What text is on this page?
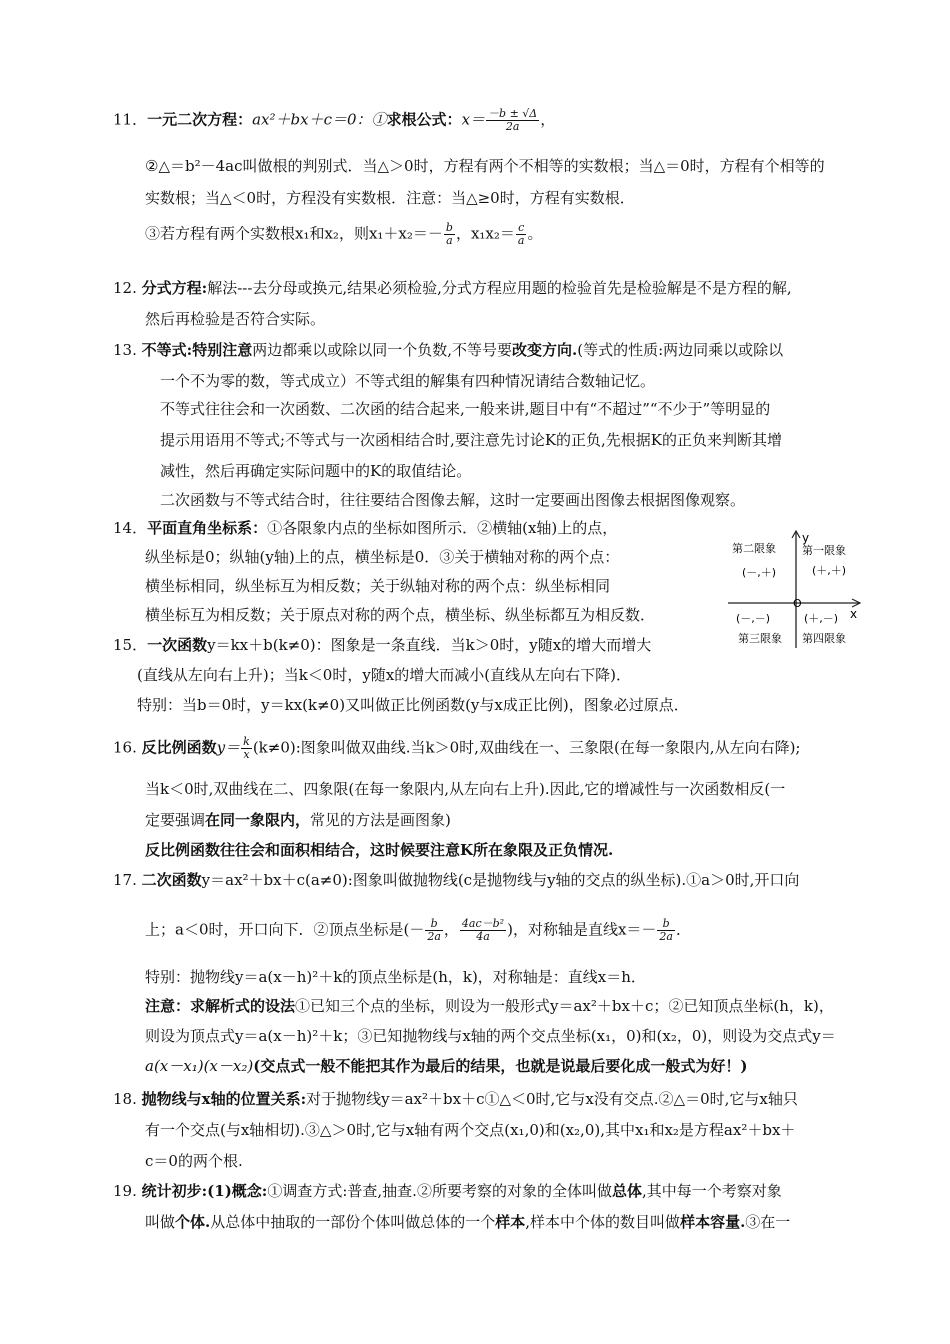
11．一元二次方程：ax²＋bx＋c＝0：①求根公式：$x= \frac{-b \pm √\Delta}{2a}$ ，
②△＝b²－4ac叫做根的判别式．当△＞0时，方程有两个不相等的实数根；当△＝0时，方程有个相等的
实数根；当△＜0时，方程没有实数根．注意：当△≥0时，方程有实数根．
③若方程有两个实数根x₁和x₂，则$x_1+x_2=- \frac{b}{a}$ ，$x_1x_2= \frac{c}{a}$ 。
12. 分式方程:解法---去分母或换元,结果必须检验,分式方程应用题的检验首先是检验解是不是方程的解,
然后再检验是否符合实际。
13. 不等式:特别注意两边都乘以或除以同一个负数,不等号要改变方向.(等式的性质:两边同乘以或除以
一个不为零的数，等式成立）不等式组的解集有四种情况请结合数轴记忆。
不等式往往会和一次函数、二次函的结合起来,一般来讲,题目中有“不超过”“不少于”等明显的
提示用语用不等式;不等式与一次函相结合时,要注意先讨论K的正负,先根据K的正负来判断其增
减性，然后再确定实际问题中的K的取值结论。
二次函数与不等式结合时，往往要结合图像去解，这时一定要画出图像去根据图像观察。
14．平面直角坐标系：①各限象内点的坐标如图所示．②横轴(x轴)上的点，
纵坐标是0；纵轴(y轴)上的点，横坐标是0．③关于横轴对称的两个点：
横坐标相同，纵坐标互为相反数；关于纵轴对称的两个点：纵坐标相同
横坐标互为相反数；关于原点对称的两个点，横坐标、纵坐标都互为相反数．
y
x
O
第二限象 第一限象
(－,＋)	(＋,＋)
(－,－)	(＋,－)
第三限象 第四限象
15．一次函数y＝kx＋b(k≠0)：图象是一条直线．当k＞0时，y随x的增大而增大
(直线从左向右上升)；当k＜0时，y随x的增大而减小(直线从左向右下降)．
特别：当b＝0时，y＝kx(k≠0)又叫做正比例函数(y与x成正比例)，图象必过原点．
16. 反比例函数$y= \frac{k}{x} (k\ne 0)$:图象叫做双曲线.当k＞0时,双曲线在一、三象限(在每一象限内,从左向右降);
当k＜0时,双曲线在二、四象限(在每一象限内,从左向右上升).因此,它的增减性与一次函数相反(一
定要强调在同一象限内，常见的方法是画图象)
反比例函数往往会和面积相结合，这时候要注意K所在象限及正负情况.
17. 二次函数y＝ax²＋bx＋c(a≠0):图象叫做抛物线(c是抛物线与y轴的交点的纵坐标).①a＞0时,开口向
上；a＜0时，开口向下．②顶点坐标是(－ $\frac{b}{2a}$ ， $\frac{\text{4ac－b²}}{4a}$ )，对称轴是直线$x=- \frac{b}{2a}$ ．
特别：抛物线y＝a(x－h)²＋k的顶点坐标是(h，k)，对称轴是：直线x＝h．
注意：求解析式的设法①已知三个点的坐标，则设为一般形式y＝ax²＋bx＋c；②已知顶点坐标(h，k)，
则设为顶点式y＝a(x－h)²＋k；③已知抛物线与x轴的两个交点坐标(x₁，0)和(x₂，0)，则设为交点式y＝
a(x－x₁)(x－x₂)(交点式一般不能把其作为最后的结果，也就是说最后要化成一般式为好！)
18. 抛物线与x轴的位置关系:对于抛物线y＝ax²＋bx＋c①△＜0时,它与x没有交点.②△＝0时,它与x轴只
有一个交点(与x轴相切).③△＞0时,它与x轴有两个交点(x₁,0)和(x₂,0),其中x₁和x₂是方程ax²＋bx＋
c＝0的两个根.
19. 统计初步:(1)概念:①调查方式:普查,抽查.②所要考察的对象的全体叫做总体,其中每一个考察对象
叫做个体.从总体中抽取的一部份个体叫做总体的一个样本,样本中个体的数目叫做样本容量.③在一
